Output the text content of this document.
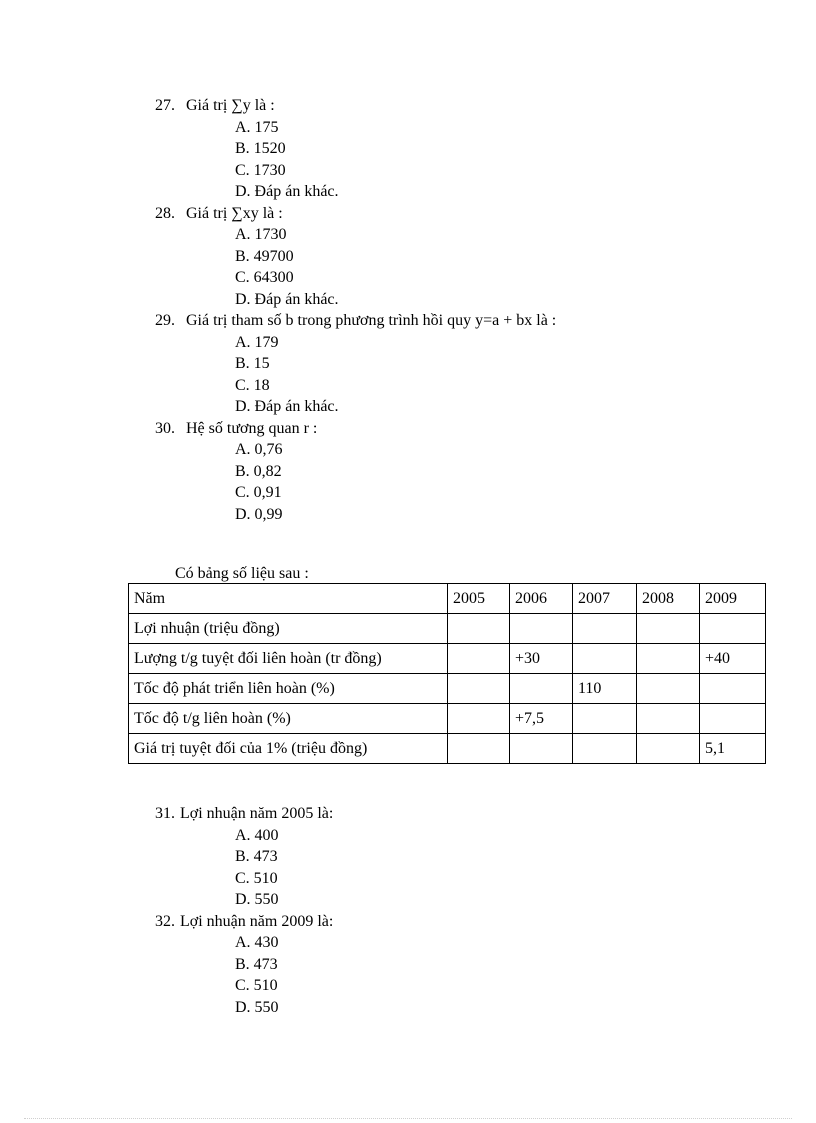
27. Giá trị ∑y là :
A. 175
B. 1520
C. 1730
D. Đáp án khác.
28. Giá trị ∑xy là :
A. 1730
B. 49700
C. 64300
D. Đáp án khác.
29. Giá trị tham số b trong phương trình hồi quy y=a + bx là :
A. 179
B. 15
C. 18
D. Đáp án khác.
30. Hệ số tương quan r :
A. 0,76
B. 0,82
C. 0,91
D. 0,99
Có bảng số liệu sau :
Năm	2005	2006	2007	2008	2009
Lợi nhuận (triệu đồng)					
Lượng t/g tuyệt đối liên hoàn (tr đồng)		+30			+40
Tốc độ phát triển liên hoàn (%)			110		
Tốc độ t/g liên hoàn (%)		+7,5			
Giá trị tuyệt đối của 1% (triệu đồng)					5,1
31. Lợi nhuận năm 2005 là:
A. 400
B. 473
C. 510
D. 550
32. Lợi nhuận năm 2009 là:
A. 430
B. 473
C. 510
D. 550
